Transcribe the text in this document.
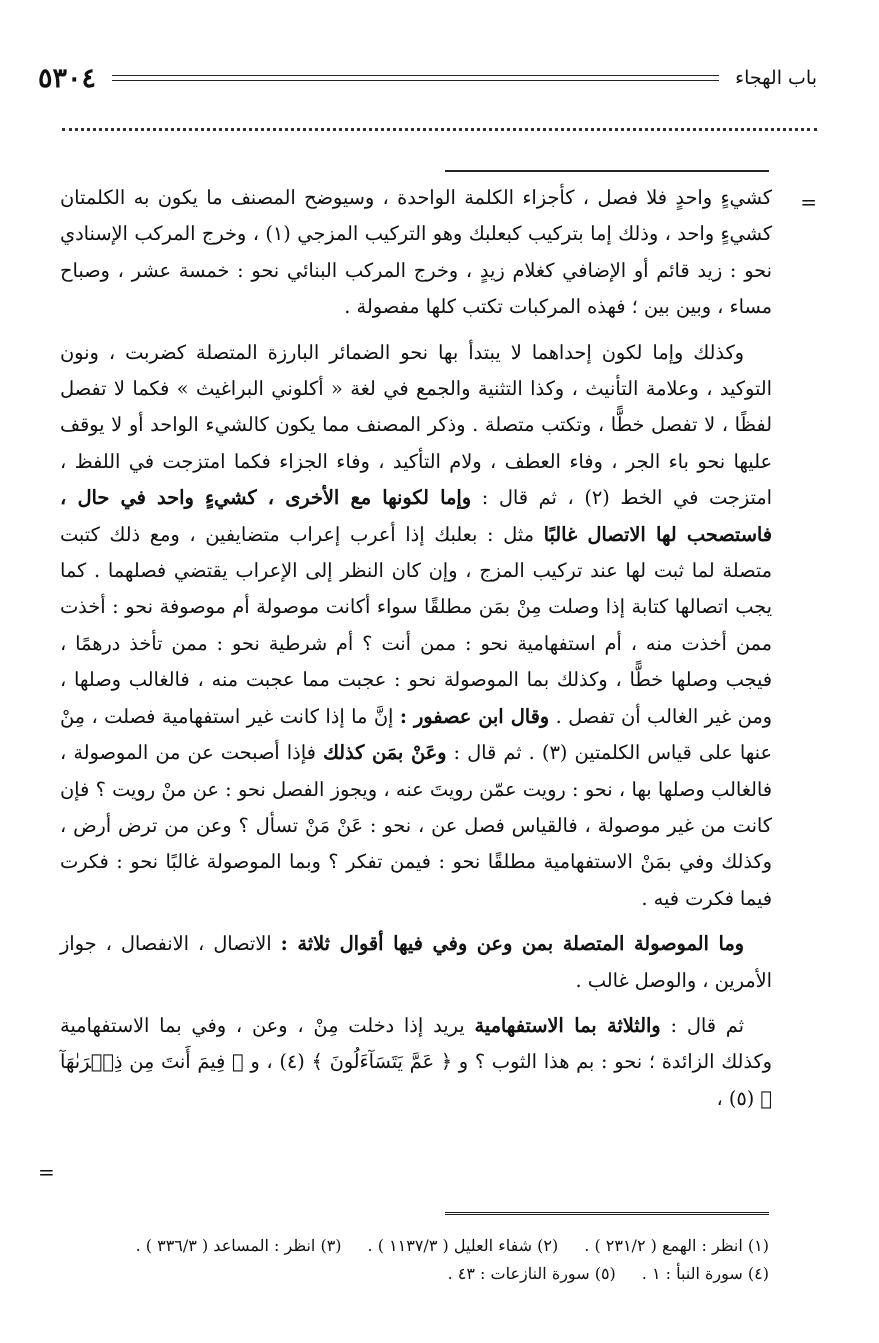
٥٣٠٤	باب الهجاء
=

كشيءٍ واحدٍ فلا فصل ، كأجزاء الكلمة الواحدة ، وسيوضح المصنف ما يكون به الكلمتان كشيءٍ واحد ، وذلك إما بتركيب كبعلبك وهو التركيب المزجي (١) ، وخرج المركب الإسنادي نحو : زيد قائم أو الإضافي كغلام زيدٍ ، وخرج المركب البنائي نحو : خمسة عشر ، وصباح مساء ، وبين بين ؛ فهذه المركبات تكتب كلها مفصولة .

وكذلك وإما لكون إحداهما لا يبتدأ بها نحو الضمائر البارزة المتصلة كضربت ، ونون التوكيد ، وعلامة التأنيث ، وكذا التثنية والجمع في لغة « أكلوني البراغيث » فكما لا تفصل لفظًا ، لا تفصل خطًّا ، وتكتب متصلة . وذكر المصنف مما يكون كالشيء الواحد أو لا يوقف عليها نحو باء الجر ، وفاء العطف ، ولام التأكيد ، وفاء الجزاء فكما امتزجت في اللفظ ، امتزجت في الخط (٢) ، ثم قال : وإما لكونها مع الأخرى ، كشيءٍ واحد في حال ، فاستصحب لها الاتصال غالبًا مثل : بعلبك إذا أعرب إعراب متضايفين ، ومع ذلك كتبت متصلة لما ثبت لها عند تركيب المزج ، وإن كان النظر إلى الإعراب يقتضي فصلهما . كما يجب اتصالها كتابة إذا وصلت مِنْ بمَن مطلقًا سواء أكانت موصولة أم موصوفة نحو : أخذت ممن أخذت منه ، أم استفهامية نحو : ممن أنت ؟ أم شرطية نحو : ممن تأخذ درهمًا ، فيجب وصلها خطًّا ، وكذلك بما الموصولة نحو : عجبت مما عجبت منه ، فالغالب وصلها ، ومن غير الغالب أن تفصل . وقال ابن عصفور : إنَّ ما إذا كانت غير استفهامية فصلت ، مِنْ عنها على قياس الكلمتين (٣) . ثم قال : وعَنْ بمَن كذلك فإذا أصبحت عن من الموصولة ، فالغالب وصلها بها ، نحو : رويت عمّن رويتَ عنه ، ويجوز الفصل نحو : عن منْ رويت ؟ فإن كانت من غير موصولة ، فالقياس فصل عن ، نحو : عَنْ مَنْ تسأل ؟ وعن من ترض أرض ، وكذلك وفي بمَنْ الاستفهامية مطلقًا نحو : فيمن تفكر ؟ وبما الموصولة غالبًا نحو : فكرت فيما فكرت فيه .

وما الموصولة المتصلة بمن وعن وفي فيها أقوال ثلاثة : الاتصال ، الانفصال ، جواز الأمرين ، والوصل غالب .

ثم قال : والثلاثة بما الاستفهامية يريد إذا دخلت مِنْ ، وعن ، وفي بما الاستفهامية وكذلك الزائدة ؛ نحو : بم هذا الثوب ؟ و ﴿ عَمَّ يَتَسَآءَلُونَ ﴾ (٤) ، و ﴿ فِيمَ أَنتَ مِن ذِكۡرَىٰهَآ ﴾ (٥) ،

=
(١) انظر : الهمع ( ٢٣١/٢ ) .
(٢) شفاء العليل ( ١١٣٧/٣ ) .
(٣) انظر : المساعد ( ٣٣٦/٣ ) .
(٤) سورة النبأ : ١ .
(٥) سورة النازعات : ٤٣ .
